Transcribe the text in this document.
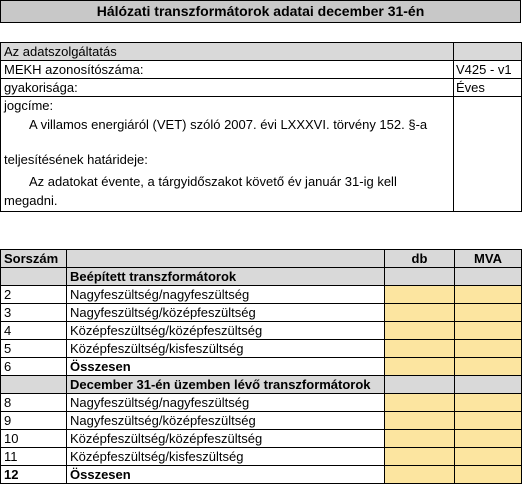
Hálózati transzformátorok adatai december 31-én
Az adatszolgáltatás	
MEKH azonosítószáma:	V425 - v1
gyakorisága:	Éves

jogcíme:
A villamos energiáról (VET) szóló 2007. évi LXXXVI. törvény 152. §-a
teljesítésének határideje:
Az adatokat évente, a tárgyidőszakot követő év január 31-ig kell
megadni.	

Sorszám		db	MVA
	Beépített transzformátorok		
2	Nagyfeszültség/nagyfeszültség		
3	Nagyfeszültség/középfeszültség		
4	Középfeszültség/középfeszültség		
5	Középfeszültség/kisfeszültség		
6	Összesen		
	December 31-én üzemben lévő transzformátorok		
8	Nagyfeszültség/nagyfeszültség		
9	Nagyfeszültség/középfeszültség		
10	Középfeszültség/középfeszültség		
11	Középfeszültség/kisfeszültség		
12	Összesen		
